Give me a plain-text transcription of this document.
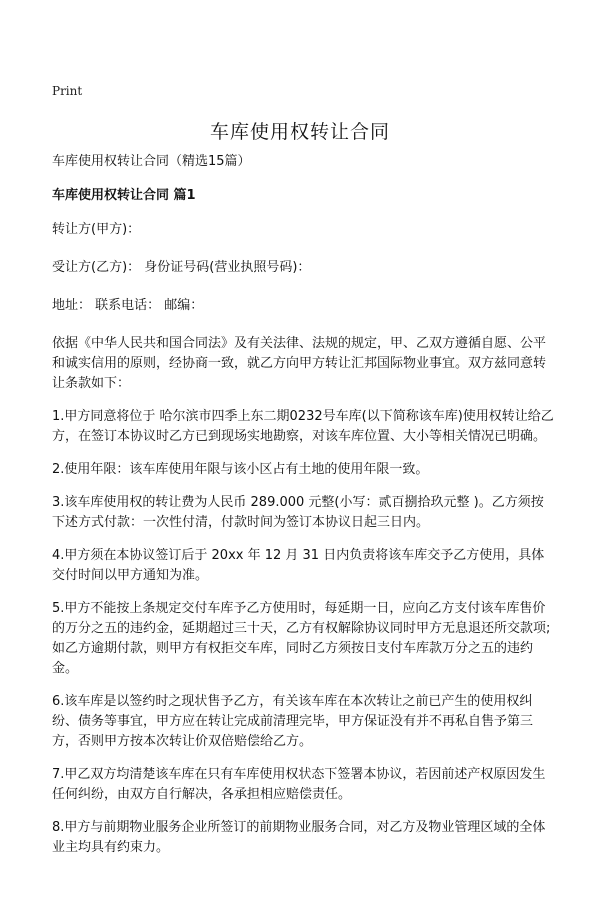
Print
车库使用权转让合同

车库使用权转让合同（精选15篇）

车库使用权转让合同 篇1

转让方(甲方)：

受让方(乙方)： 身份证号码(营业执照号码)：

地址： 联系电话： 邮编：

依据《中华人民共和国合同法》及有关法律、法规的规定，甲、乙双方遵循自愿、公平和诚实信用的原则，经协商一致，就乙方向甲方转让汇邦国际物业事宜。双方兹同意转让条款如下：

1.甲方同意将位于 哈尔滨市四季上东二期0232号车库(以下简称该车库)使用权转让给乙方，在签订本协议时乙方已到现场实地勘察，对该车库位置、大小等相关情况已明确。

2.使用年限：该车库使用年限与该小区占有土地的使用年限一致。

3.该车库使用权的转让费为人民币 289.000 元整(小写：贰百捌拾玖元整 )。乙方须按下述方式付款：一次性付清，付款时间为签订本协议日起三日内。

4.甲方须在本协议签订后于 20xx 年 12 月 31 日内负责将该车库交予乙方使用，具体交付时间以甲方通知为准。

5.甲方不能按上条规定交付车库予乙方使用时，每延期一日，应向乙方支付该车库售价的万分之五的违约金，延期超过三十天，乙方有权解除协议同时甲方无息退还所交款项;如乙方逾期付款，则甲方有权拒交车库，同时乙方须按日支付车库款万分之五的违约金。

6.该车库是以签约时之现状售予乙方，有关该车库在本次转让之前已产生的使用权纠纷、债务等事宜，甲方应在转让完成前清理完毕，甲方保证没有并不再私自售予第三方，否则甲方按本次转让价双倍赔偿给乙方。

7.甲乙双方均清楚该车库在只有车库使用权状态下签署本协议，若因前述产权原因发生任何纠纷，由双方自行解决，各承担相应赔偿责任。

8.甲方与前期物业服务企业所签订的前期物业服务合同，对乙方及物业管理区域的全体业主均具有约束力。
